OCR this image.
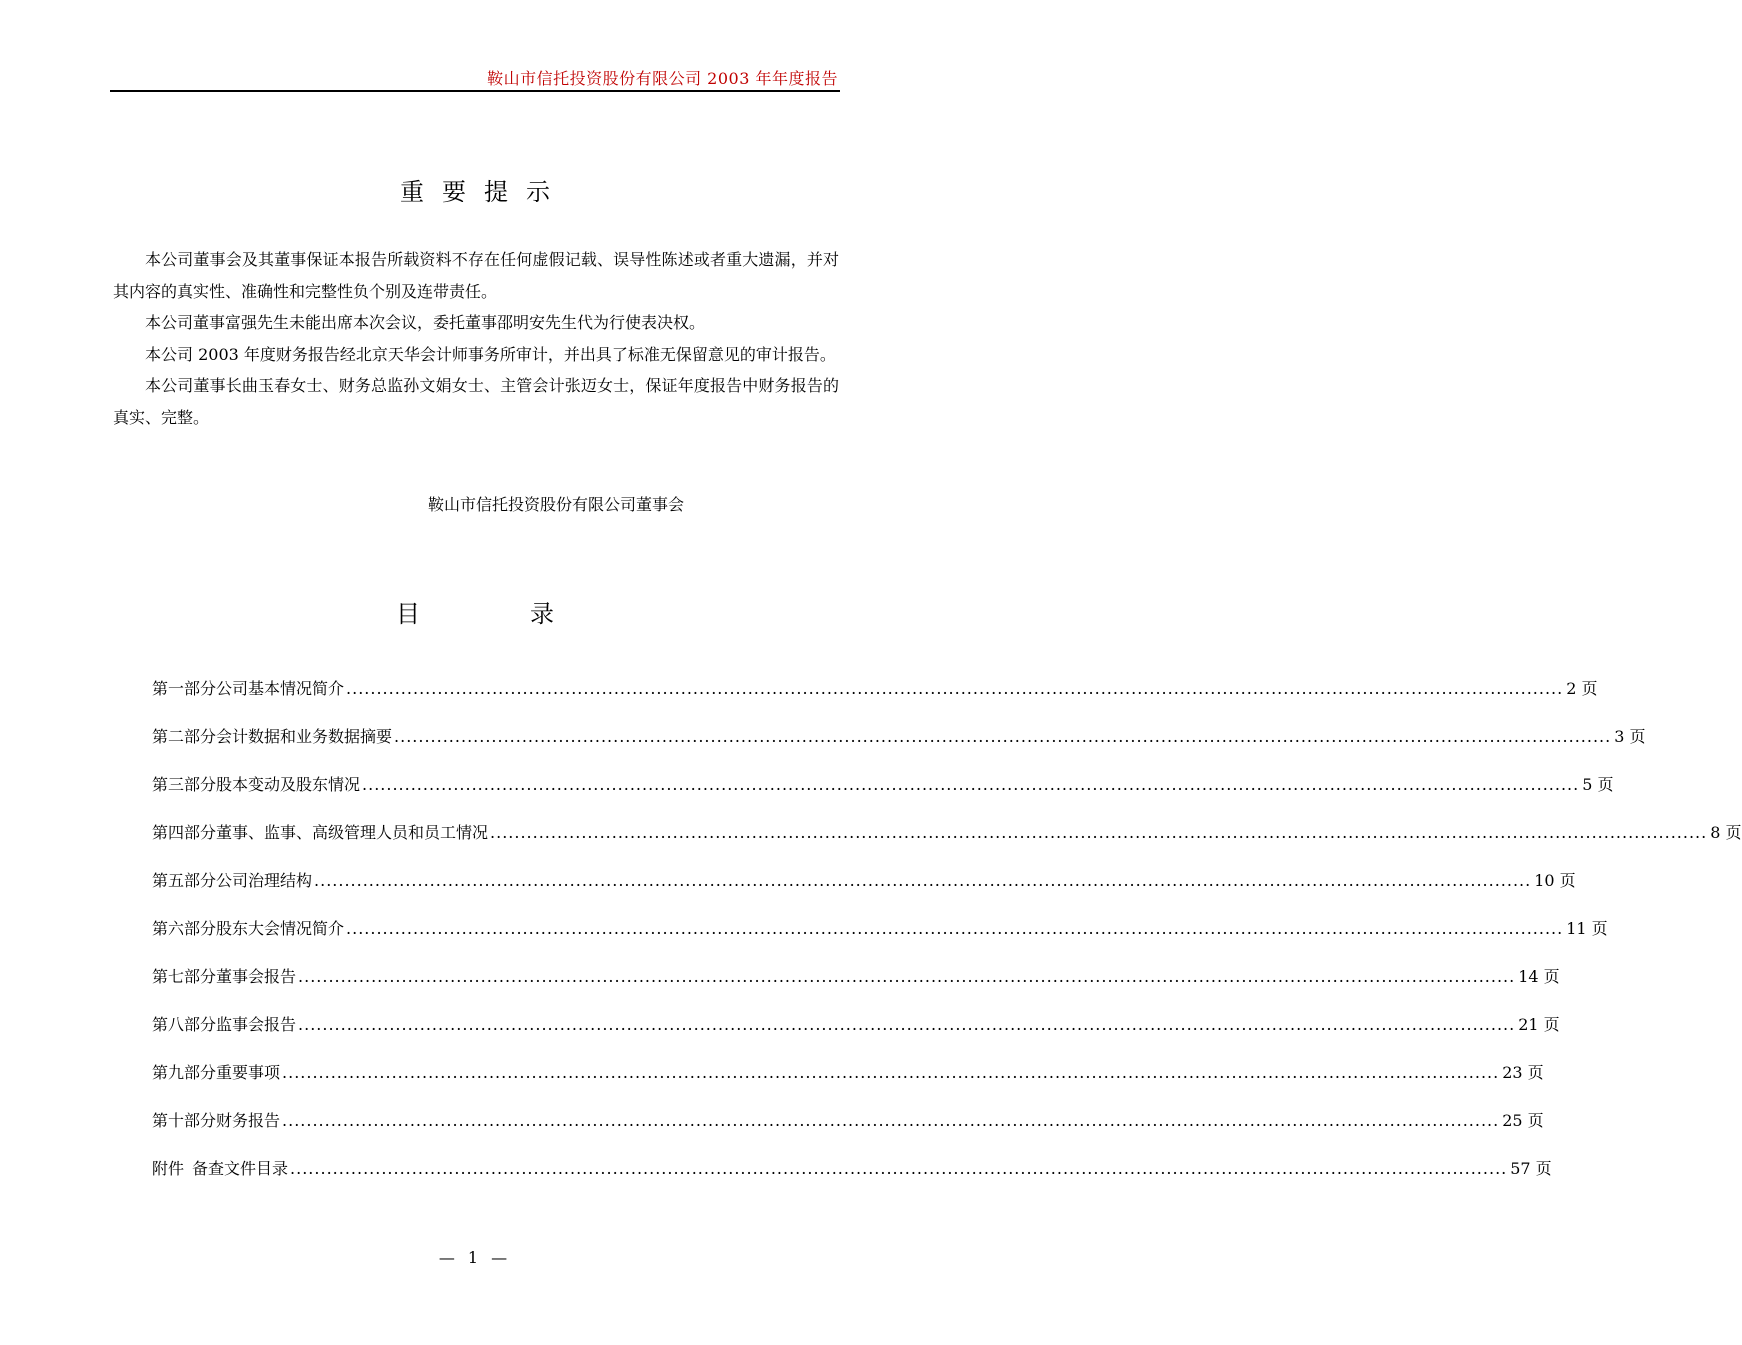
鞍山市信托投资股份有限公司 2003 年年度报告
重要提示

本公司董事会及其董事保证本报告所载资料不存在任何虚假记载、误导性陈述或者重大遗漏，并对其内容的真实性、准确性和完整性负个别及连带责任。

本公司董事富强先生未能出席本次会议，委托董事邵明安先生代为行使表决权。

本公司 2003 年度财务报告经北京天华会计师事务所审计，并出具了标准无保留意见的审计报告。

本公司董事长曲玉春女士、财务总监孙文娟女士、主管会计张迈女士，保证年度报告中财务报告的真实、完整。

鞍山市信托投资股份有限公司董事会
目录
第一部分 公司基本情况简介 ........................................................................................................................................................................................................ 2 页
第二部分 会计数据和业务数据摘要 ........................................................................................................................................................................................................ 3 页
第三部分 股本变动及股东情况 ........................................................................................................................................................................................................ 5 页
第四部分 董事、监事、高级管理人员和员工情况 ........................................................................................................................................................................................................ 8 页
第五部分 公司治理结构 ........................................................................................................................................................................................................ 10 页
第六部分 股东大会情况简介 ........................................................................................................................................................................................................ 11 页
第七部分 董事会报告 ........................................................................................................................................................................................................ 14 页
第八部分 监事会报告 ........................................................................................................................................................................................................ 21 页
第九部分 重要事项 ........................................................................................................................................................................................................ 23 页
第十部分 财务报告 ........................................................................................................................................................................................................ 25 页
附 件 备查文件目录 ........................................................................................................................................................................................................ 57 页
— 1 —
